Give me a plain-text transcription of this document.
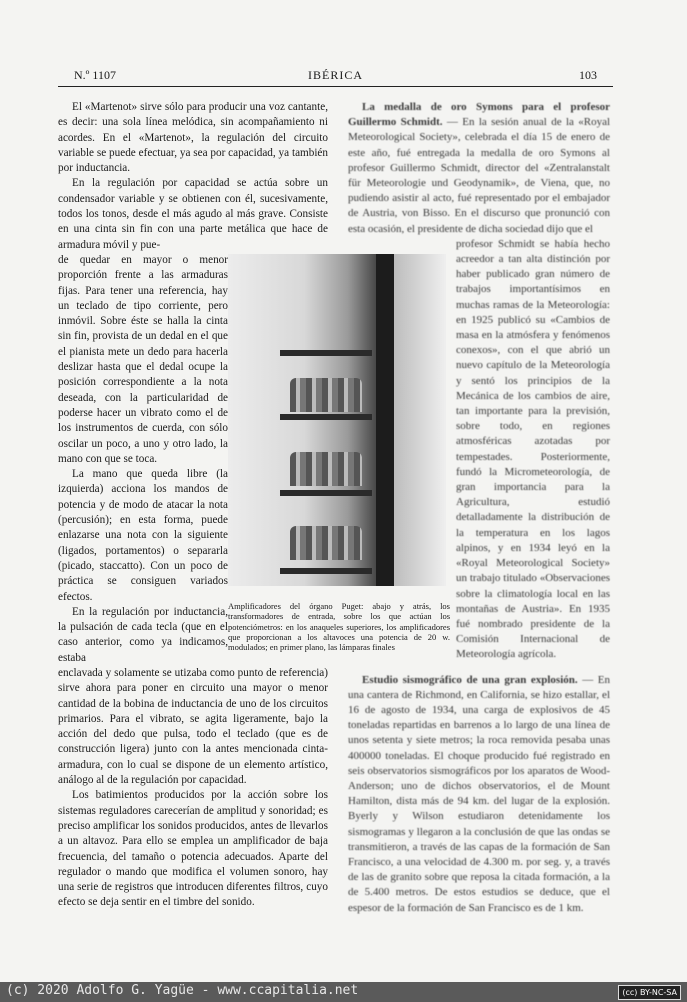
N.º 1107	IBÉRICA	103

El «Martenot» sirve sólo para producir una voz cantante, es decir: una sola línea melódica, sin acompañamiento ni acordes. En el «Martenot», la regulación del circuito variable se puede efectuar, ya sea por capacidad, ya también por inductancia.

En la regulación por capacidad se actúa sobre un condensador variable y se obtienen con él, sucesivamente, todos los tonos, desde el más agudo al más grave. Consiste en una cinta sin fin con una parte metálica que hace de armadura móvil y pue-

de quedar en mayor o menor proporción frente a las armaduras fijas. Para tener una referencia, hay un teclado de tipo corriente, pero inmóvil. Sobre éste se halla la cinta sin fin, provista de un dedal en el que el pianista mete un dedo para hacerla deslizar hasta que el dedal ocupe la posición correspondiente a la nota deseada, con la particularidad de poderse hacer un vibrato como el de los instrumentos de cuerda, con sólo oscilar un poco, a uno y otro lado, la mano con que se toca.

La mano que queda libre (la izquierda) acciona los mandos de potencia y de modo de atacar la nota (percusión); en esta forma, puede enlazarse una nota con la siguiente (ligados, portamentos) o separarla (picado, staccatto). Con un poco de práctica se consiguen variados efectos.

En la regulación por inductancia, la pulsación de cada tecla (que en el caso anterior, como ya indicamos, estaba

enclavada y solamente se utizaba como punto de referencia) sirve ahora para poner en circuito una mayor o menor cantidad de la bobina de inductancia de uno de los circuitos primarios. Para el vibrato, se agita ligeramente, bajo la acción del dedo que pulsa, todo el teclado (que es de construcción ligera) junto con la antes mencionada cinta-armadura, con lo cual se dispone de un elemento artístico, análogo al de la regulación por capacidad.

Los batimientos producidos por la acción sobre los sistemas reguladores carecerían de amplitud y sonoridad; es preciso amplificar los sonidos producidos, antes de llevarlos a un altavoz. Para ello se emplea un amplificador de baja frecuencia, del tamaño o potencia adecuados. Aparte del regulador o mando que modifica el volumen sonoro, hay una serie de registros que introducen diferentes filtros, cuyo efecto se deja sentir en el timbre del sonido.

Amplificadores del órgano Puget: abajo y atrás, los transformadores de entrada, sobre los que actúan los potenciómetros: en los anaqueles superiores, los amplificadores que proporcionan a los altavoces una potencia de 20 w. modulados; en primer plano, las lámparas finales

La medalla de oro Symons para el profesor Guillermo Schmidt. — En la sesión anual de la «Royal Meteorological Society», celebrada el día 15 de enero de este año, fué entregada la medalla de oro Symons al profesor Guillermo Schmidt, director del «Zentralanstalt für Meteorologie und Geodynamik», de Viena, que, no pudiendo asistir al acto, fué representado por el embajador de Austria, von Bisso. En el discurso que pronunció con esta ocasión, el presidente de dicha sociedad dijo que el

profesor Schmidt se había hecho acreedor a tan alta distinción por haber publicado gran número de trabajos importantísimos en muchas ramas de la Meteorología: en 1925 publicó su «Cambios de masa en la atmósfera y fenómenos conexos», con el que abrió un nuevo capítulo de la Meteorología y sentó los principios de la Mecánica de los cambios de aire, tan importante para la previsión, sobre todo, en regiones atmosféricas azotadas por tempestades. Posteriormente, fundó la Micrometeorología, de gran importancia para la Agricultura, estudió detalladamente la distribución de la temperatura en los lagos alpinos, y en 1934 leyó en la «Royal Meteorological Society» un trabajo titulado «Observaciones sobre la climatología local en las montañas de Austria». En 1935 fué nombrado presidente de la Comisión Internacional de Meteorología agrícola.

Estudio sismográfico de una gran explosión. — En una cantera de Richmond, en California, se hizo estallar, el 16 de agosto de 1934, una carga de explosivos de 45 toneladas repartidas en barrenos a lo largo de una línea de unos setenta y siete metros; la roca removida pesaba unas 400000 toneladas. El choque producido fué registrado en seis observatorios sismográficos por los aparatos de Wood-Anderson; uno de dichos observatorios, el de Mount Hamilton, dista más de 94 km. del lugar de la explosión. Byerly y Wilson estudiaron detenidamente los sismogramas y llegaron a la conclusión de que las ondas se transmitieron, a través de las capas de la formación de San Francisco, a una velocidad de 4.300 m. por seg. y, a través de las de granito sobre que reposa la citada formación, a la de 5.400 metros. De estos estudios se deduce, que el espesor de la formación de San Francisco es de 1 km.

(c) 2020 Adolfo G. Yagüe - www.ccapitalia.net	(cc) BY-NC-SA
